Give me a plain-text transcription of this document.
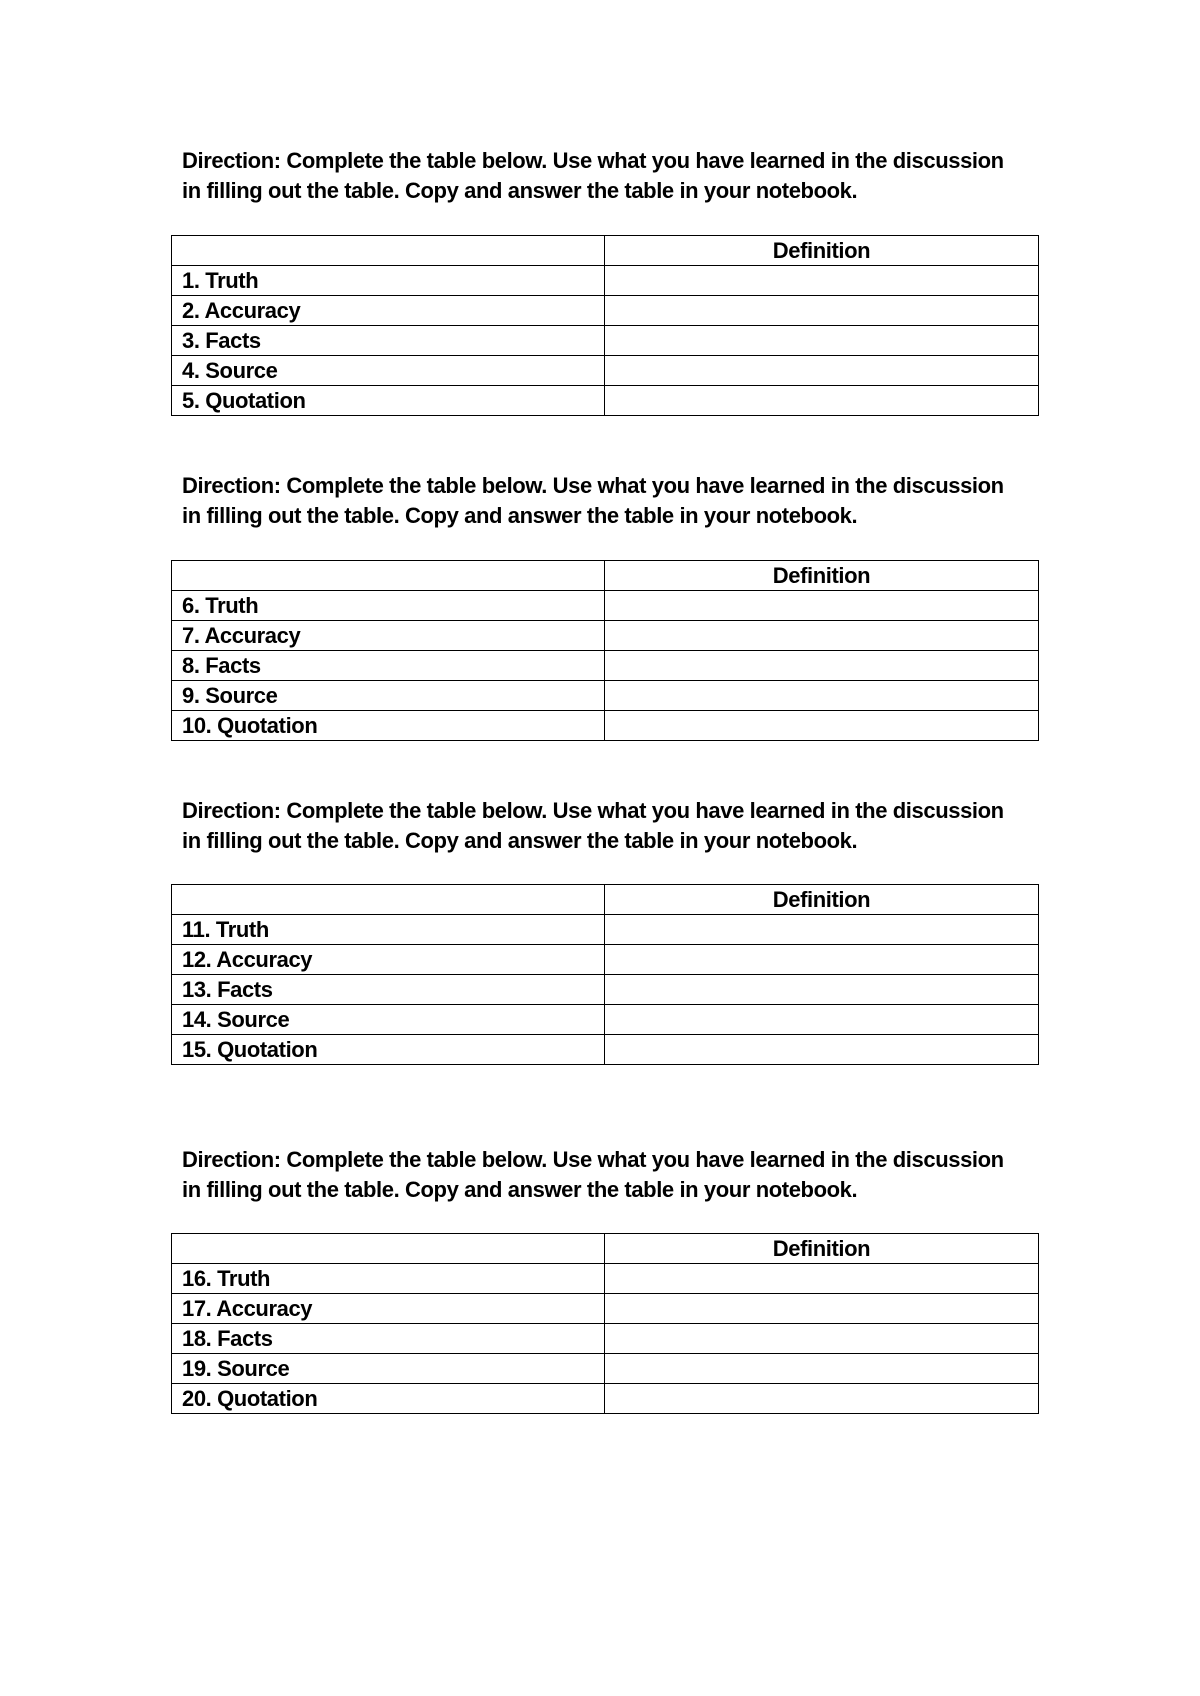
Direction: Complete the table below. Use what you have learned in the discussion
in filling out the table. Copy and answer the table in your notebook.
	Definition
1. Truth	
2. Accuracy	
3. Facts	
4. Source	
5. Quotation	
Direction: Complete the table below. Use what you have learned in the discussion
in filling out the table. Copy and answer the table in your notebook.
	Definition
6. Truth	
7. Accuracy	
8. Facts	
9. Source	
10. Quotation	
Direction: Complete the table below. Use what you have learned in the discussion
in filling out the table. Copy and answer the table in your notebook.
	Definition
11. Truth	
12. Accuracy	
13. Facts	
14. Source	
15. Quotation	
Direction: Complete the table below. Use what you have learned in the discussion
in filling out the table. Copy and answer the table in your notebook.
	Definition
16. Truth	
17. Accuracy	
18. Facts	
19. Source	
20. Quotation	
